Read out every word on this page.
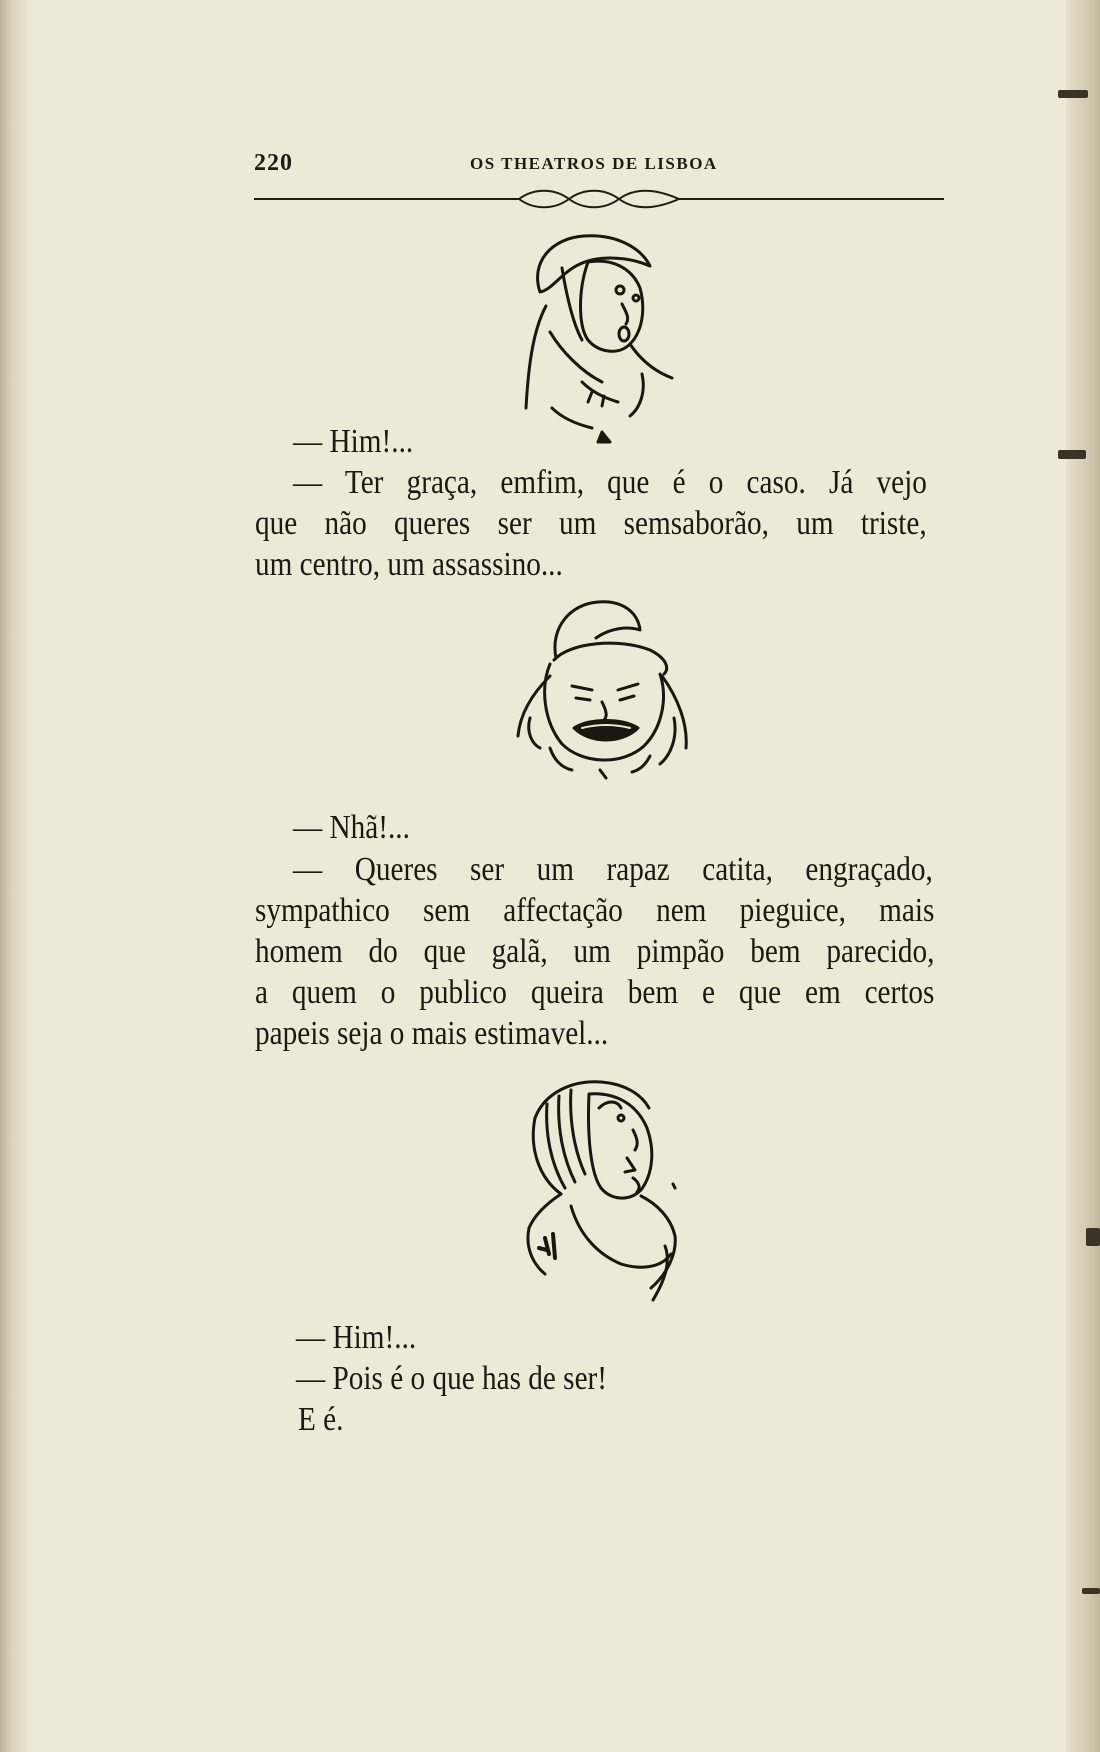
220	OS THEATROS DE LISBOA
— Him!...
— Ter graça, emfim, que é o caso. Já vejo
que não queres ser um semsaborão, um triste,
um centro, um assassino...
— Nhã!...
— Queres ser um rapaz catita, engraçado,
sympathico sem affectação nem pieguice, mais
homem do que galã, um pimpão bem parecido,
a quem o publico queira bem e que em certos
papeis seja o mais estimavel...
— Him!...
— Pois é o que has de ser!
E é.
